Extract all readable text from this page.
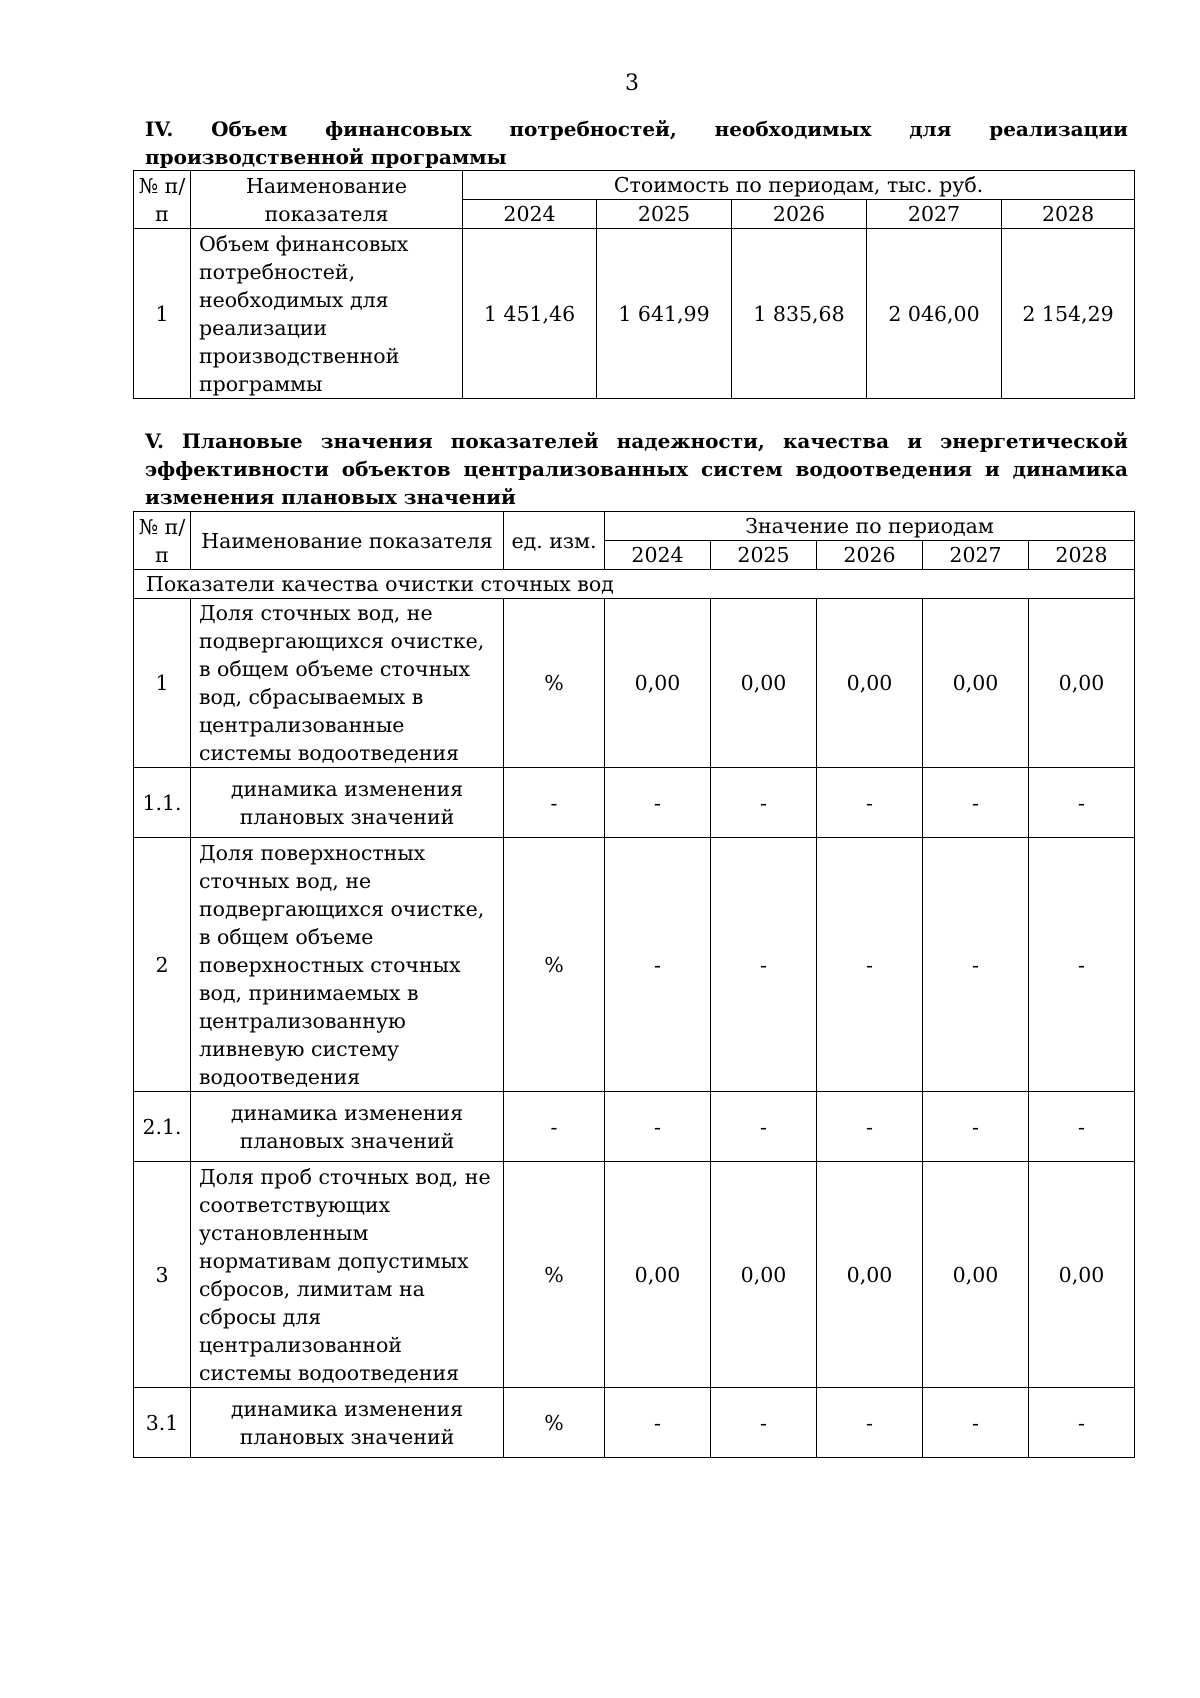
3
IV. Объем финансовых потребностей, необходимых для реализации производственной программы
№ п/п	Наименование показателя	Стоимость по периодам, тыс. руб.				
		2024	2025	2026	2027	2028
1	Объем финансовых потребностей, необходимых для реализации производственной программы	1 451,46	1 641,99	1 835,68	2 046,00	2 154,29
V. Плановые значения показателей надежности, качества и энергетической эффективности объектов централизованных систем водоотведения и динамика изменения плановых значений
№ п/п	Наименование показателя	ед. изм.	Значение по периодам				
			2024	2025	2026	2027	2028
Показатели качества очистки сточных вод							
1	Доля сточных вод, не подвергающихся очистке, в общем объеме сточных вод, сбрасываемых в централизованные системы водоотведения	%	0,00	0,00	0,00	0,00	0,00
1.1.	динамика изменения плановых значений	-	-	-	-	-	-
2	Доля поверхностных сточных вод, не подвергающихся очистке, в общем объеме поверхностных сточных вод, принимаемых в централизованную ливневую систему водоотведения	%	-	-	-	-	-
2.1.	динамика изменения плановых значений	-	-	-	-	-	-
3	Доля проб сточных вод, не соответствующих установленным нормативам допустимых сбросов, лимитам на сбросы для централизованной системы водоотведения	%	0,00	0,00	0,00	0,00	0,00
3.1	динамика изменения плановых значений	%	-	-	-	-	-
